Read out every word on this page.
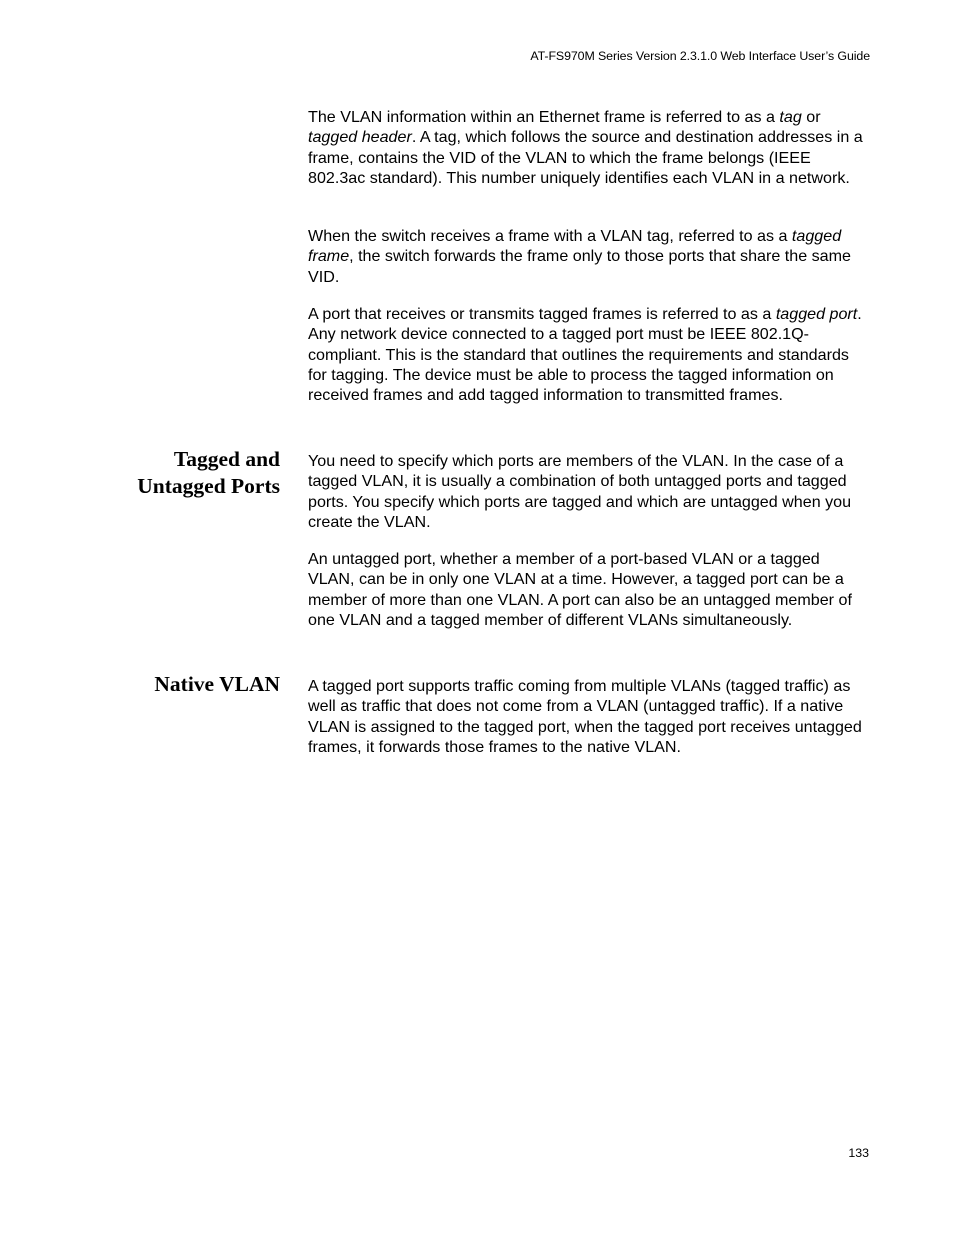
AT-FS970M Series Version 2.3.1.0 Web Interface User’s Guide

The VLAN information within an Ethernet frame is referred to as a tag or tagged header. A tag, which follows the source and destination addresses in a frame, contains the VID of the VLAN to which the frame belongs (IEEE 802.3ac standard). This number uniquely identifies each VLAN in a network.

When the switch receives a frame with a VLAN tag, referred to as a tagged frame, the switch forwards the frame only to those ports that share the same VID.

A port that receives or transmits tagged frames is referred to as a tagged port. Any network device connected to a tagged port must be IEEE 802.1Q-compliant. This is the standard that outlines the requirements and standards for tagging. The device must be able to process the tagged information on received frames and add tagged information to transmitted frames.

Tagged and
Untagged Ports

You need to specify which ports are members of the VLAN. In the case of a tagged VLAN, it is usually a combination of both untagged ports and tagged ports. You specify which ports are tagged and which are untagged when you create the VLAN.

An untagged port, whether a member of a port-based VLAN or a tagged VLAN, can be in only one VLAN at a time. However, a tagged port can be a member of more than one VLAN. A port can also be an untagged member of one VLAN and a tagged member of different VLANs simultaneously.

Native VLAN A tagged port supports traffic coming from multiple VLANs (tagged traffic) as well as traffic that does not come from a VLAN (untagged traffic). If a native VLAN is assigned to the tagged port, when the tagged port receives untagged frames, it forwards those frames to the native VLAN.

133
